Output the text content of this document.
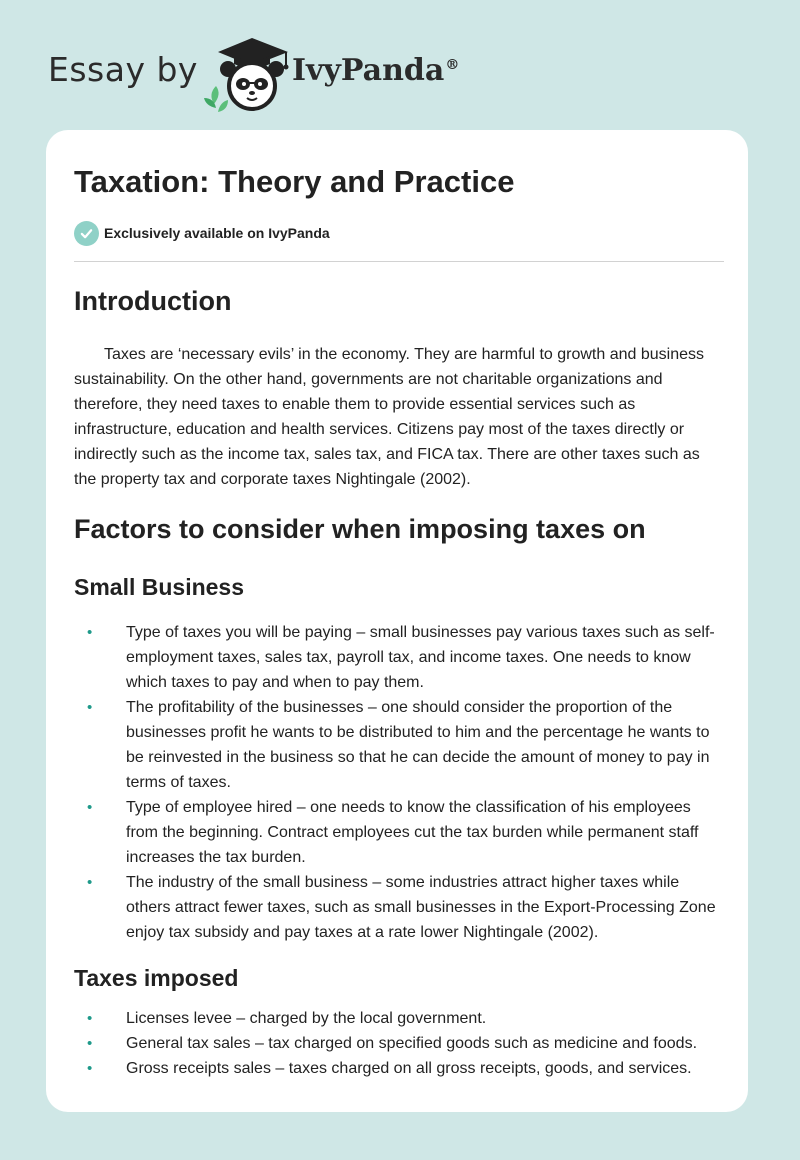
Essay by	IvyPanda®
Taxation: Theory and Practice
Exclusively available on IvyPanda
Introduction

Taxes are ‘necessary evils’ in the economy. They are harmful to growth and business sustainability. On the other hand, governments are not charitable organizations and therefore, they need taxes to enable them to provide essential services such as infrastructure, education and health services. Citizens pay most of the taxes directly or indirectly such as the income tax, sales tax, and FICA tax. There are other taxes such as the property tax and corporate taxes Nightingale (2002).

Factors to consider when imposing taxes on
Small Business
• Type of taxes you will be paying – small businesses pay various taxes such as self-employment taxes, sales tax, payroll tax, and income taxes. One needs to know which taxes to pay and when to pay them.
• The profitability of the businesses – one should consider the proportion of the businesses profit he wants to be distributed to him and the percentage he wants to be reinvested in the business so that he can decide the amount of money to pay in terms of taxes.
• Type of employee hired – one needs to know the classification of his employees from the beginning. Contract employees cut the tax burden while permanent staff increases the tax burden.
• The industry of the small business – some industries attract higher taxes while others attract fewer taxes, such as small businesses in the Export-Processing Zone enjoy tax subsidy and pay taxes at a rate lower Nightingale (2002).
Taxes imposed
• Licenses levee – charged by the local government.
• General tax sales – tax charged on specified goods such as medicine and foods.
• Gross receipts sales – taxes charged on all gross receipts, goods, and services.
